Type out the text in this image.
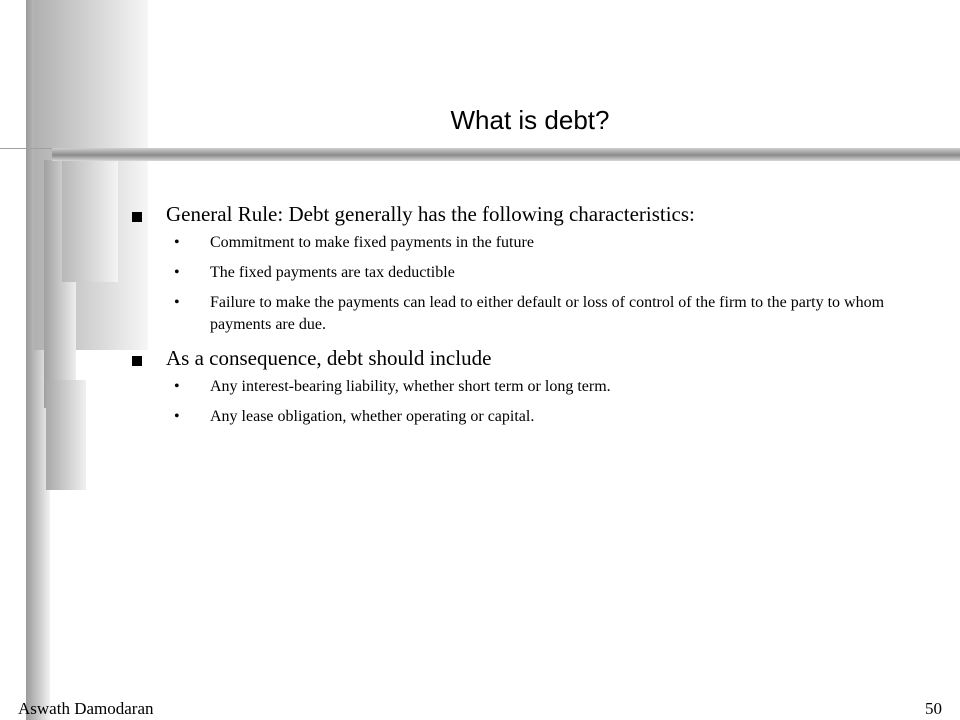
What is debt?
General Rule: Debt generally has the following characteristics:
• Commitment to make fixed payments in the future
• The fixed payments are tax deductible
• Failure to make the payments can lead to either default or loss of control of the firm to the party to whom payments are due.
As a consequence, debt should include
• Any interest-bearing liability, whether short term or long term.
• Any lease obligation, whether operating or capital.
Aswath Damodaran	50
